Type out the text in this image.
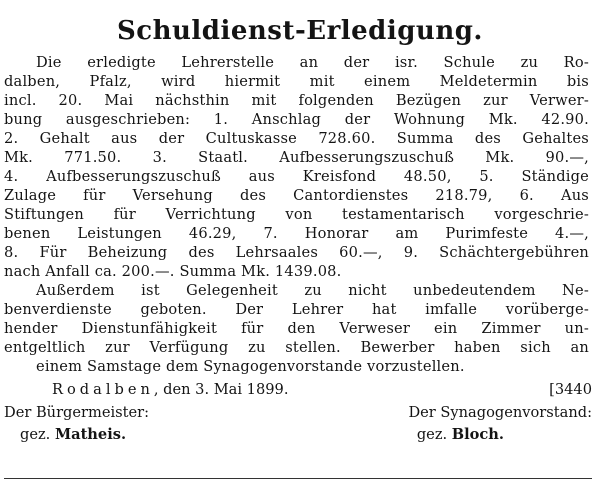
Schuldienst-Erledigung.
Die erledigte Lehrerstelle an der isr. Schule zu Ro-
dalben, Pfalz, wird hiermit mit einem Meldetermin bis
incl. 20. Mai nächsthin mit folgenden Bezügen zur Verwer-
bung ausgeschrieben: 1. Anschlag der Wohnung Mk. 42.90.
2. Gehalt aus der Cultuskasse 728.60. Summa des Gehaltes
Mk. 771.50. 3. Staatl. Aufbesserungszuschuß Mk. 90.—,
4. Aufbesserungszuschuß aus Kreisfond 48.50, 5. Ständige
Zulage für Versehung des Cantordienstes 218.79, 6. Aus
Stiftungen für Verrichtung von testamentarisch vorgeschrie-
benen Leistungen 46.29, 7. Honorar am Purimfeste 4.—,
8. Für Beheizung des Lehrsaales 60.—, 9. Schächtergebühren
nach Anfall ca. 200.—. Summa Mk. 1439.08.
Außerdem ist Gelegenheit zu nicht unbedeutendem Ne-
benverdienste geboten. Der Lehrer hat imfalle vorüberge-
hender Dienstunfähigkeit für den Verweser ein Zimmer un-
entgeltlich zur Verfügung zu stellen. Bewerber haben sich an
einem Samstage dem Synagogenvorstande vorzustellen.
Rodalben, den 3. Mai 1899.	[3440
Der Bürgermeister:	Der Synagogenvorstand:
gez. Matheis.	gez. Bloch.
